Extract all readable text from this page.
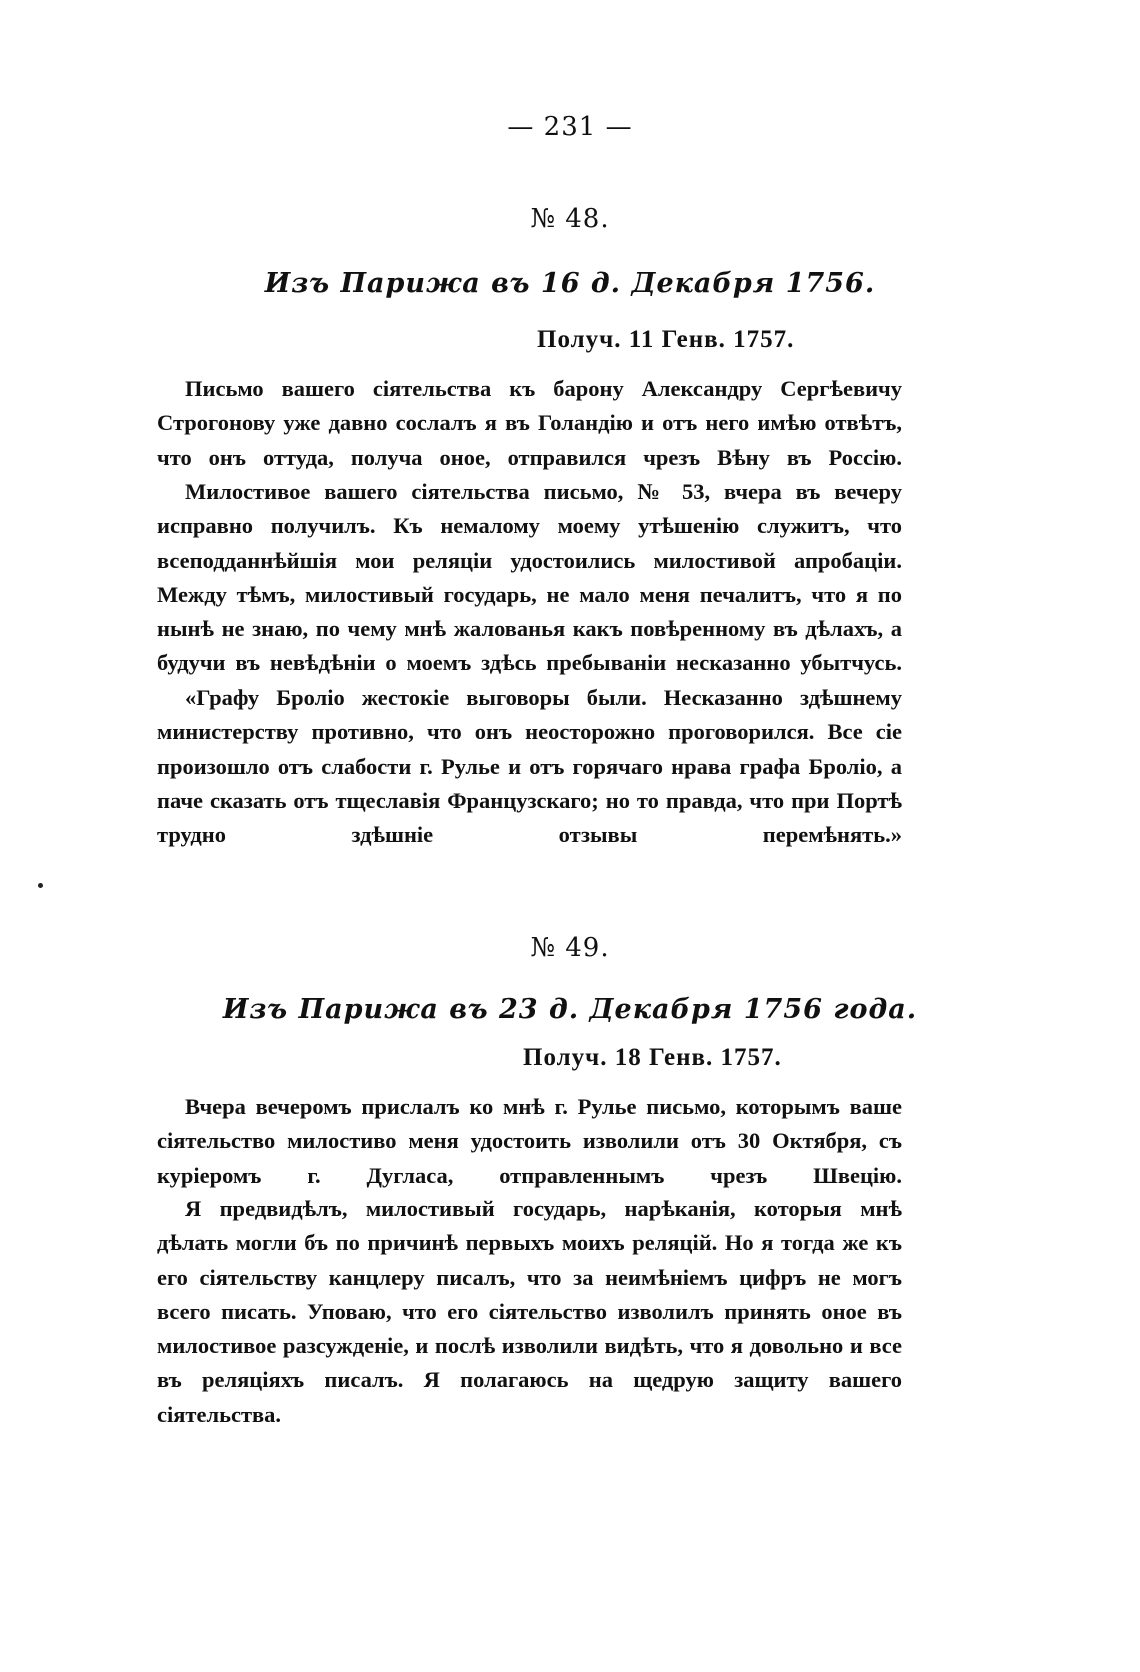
— 231 —
№ 48.
Изъ Парижа въ 16 д. Декабря 1756.
Получ. 11 Генв. 1757.

Письмо вашего сіятельства къ барону Александру Сергѣевичу Строгонову уже давно сослалъ я въ Голандію и отъ него имѣю отвѣтъ, что онъ оттуда, получа оное, отправился чрезъ Вѣну въ Россію.

Милостивое вашего сіятельства письмо, № 53, вчера въ вечеру исправно получилъ. Къ немалому моему утѣшенію служитъ, что всеподданнѣйшія мои реляціи удостоились милостивой апробаціи. Между тѣмъ, милостивый государь, не мало меня печалитъ, что я по нынѣ не знаю, по чему мнѣ жалованья какъ повѣренному въ дѣлахъ, а будучи въ невѣдѣніи о моемъ здѣсь пребываніи несказанно убытчусь.

«Графу Броліо жестокіе выговоры были. Несказанно здѣшнему министерству противно, что онъ неосторожно проговорился. Все сіе произошло отъ слабости г. Рулье и отъ горячаго нрава графа Броліо, а паче сказать отъ тщеславія Французскаго; но то правда, что при Портѣ трудно здѣшніе отзывы перемѣнять.»

№ 49.
Изъ Парижа въ 23 д. Декабря 1756 года.
Получ. 18 Генв. 1757.

Вчера вечеромъ прислалъ ко мнѣ г. Рулье письмо, которымъ ваше сіятельство милостиво меня удостоить изволили отъ 30 Октября, съ куріеромъ г. Дугласа, отправленнымъ чрезъ Швецію.

Я предвидѣлъ, милостивый государь, нарѣканія, которыя мнѣ дѣлать могли бъ по причинѣ первыхъ моихъ реляцій. Но я тогда же къ его сіятельству канцлеру писалъ, что за неимѣніемъ цифръ не могъ всего писать. Уповаю, что его сіятельство изволилъ принять оное въ милостивое разсужденіе, и послѣ изволили видѣть, что я довольно и все въ реляціяхъ писалъ. Я полагаюсь на щедрую защиту вашего сіятельства.
